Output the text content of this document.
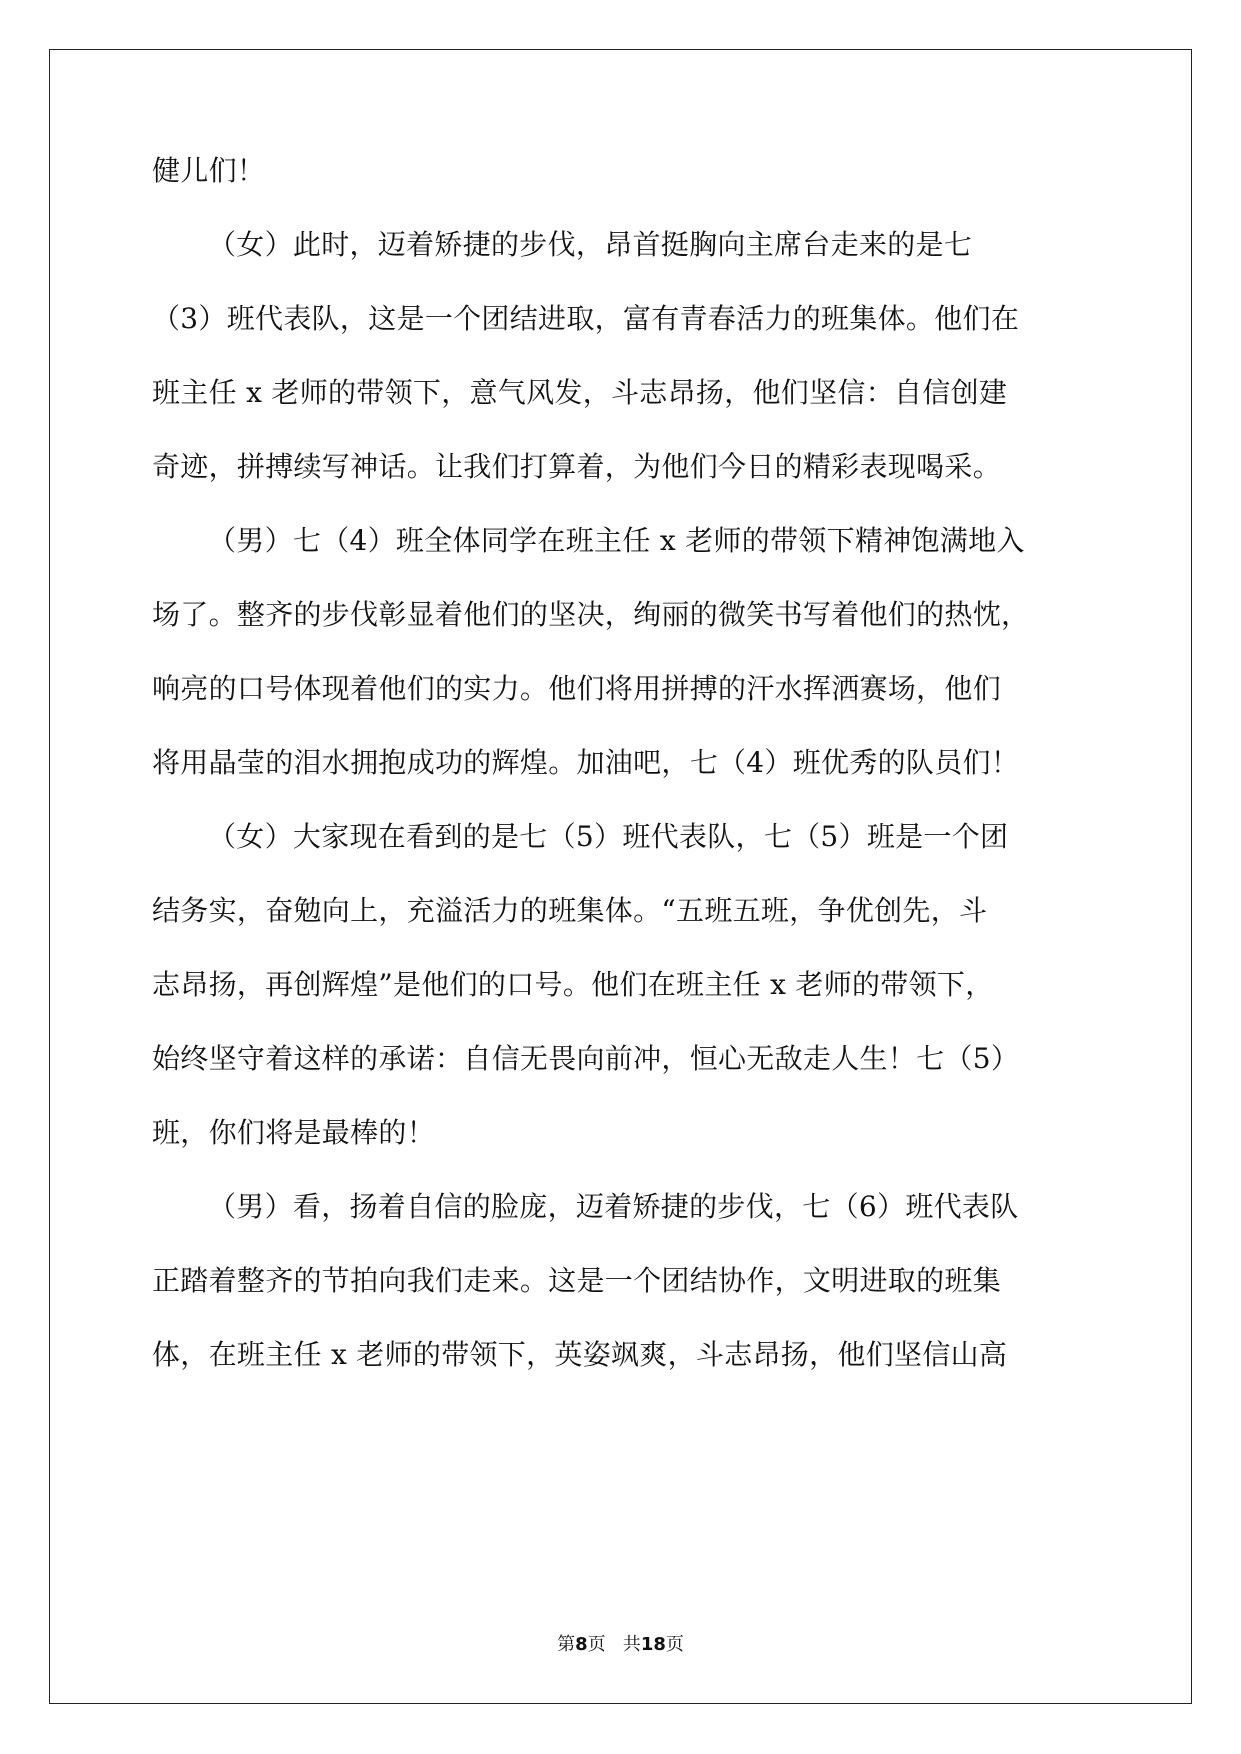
健儿们！
（女）此时，迈着矫捷的步伐，昂首挺胸向主席台走来的是七
（3）班代表队，这是一个团结进取，富有青春活力的班集体。他们在
班主任 x 老师的带领下，意气风发，斗志昂扬，他们坚信：自信创建
奇迹，拼搏续写神话。让我们打算着，为他们今日的精彩表现喝采。
（男）七（4）班全体同学在班主任 x 老师的带领下精神饱满地入
场了。整齐的步伐彰显着他们的坚决，绚丽的微笑书写着他们的热忱，
响亮的口号体现着他们的实力。他们将用拼搏的汗水挥洒赛场，他们
将用晶莹的泪水拥抱成功的辉煌。加油吧，七（4）班优秀的队员们！
（女）大家现在看到的是七（5）班代表队，七（5）班是一个团
结务实，奋勉向上，充溢活力的班集体。“五班五班，争优创先，斗
志昂扬，再创辉煌”是他们的口号。他们在班主任 x 老师的带领下，
始终坚守着这样的承诺：自信无畏向前冲，恒心无敌走人生！七（5）
班，你们将是最棒的！
（男）看，扬着自信的脸庞，迈着矫捷的步伐，七（6）班代表队
正踏着整齐的节拍向我们走来。这是一个团结协作，文明进取的班集
体，在班主任 x 老师的带领下，英姿飒爽，斗志昂扬，他们坚信山高
第8页 共18页
